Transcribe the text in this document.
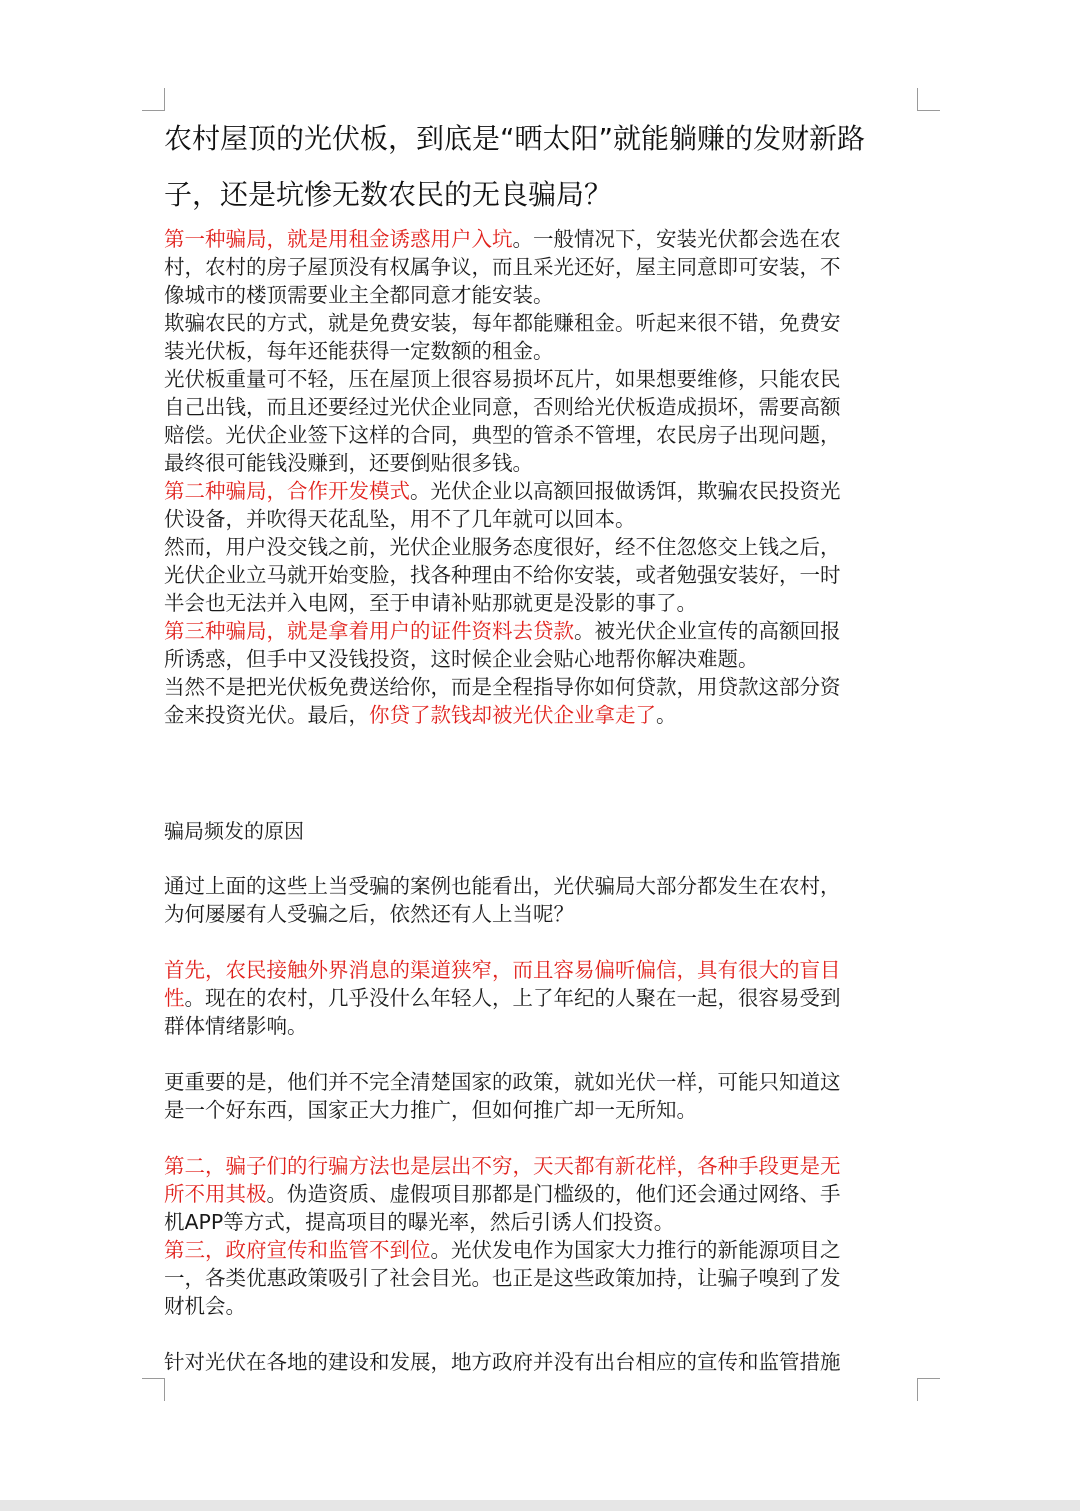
农村屋顶的光伏板，到底是“晒太阳”就能躺赚的发财新路
子，还是坑惨无数农民的无良骗局？
第一种骗局，就是用租金诱惑用户入坑。一般情况下，安装光伏都会选在农
村，农村的房子屋顶没有权属争议，而且采光还好，屋主同意即可安装，不
像城市的楼顶需要业主全都同意才能安装。
欺骗农民的方式，就是免费安装，每年都能赚租金。听起来很不错，免费安
装光伏板，每年还能获得一定数额的租金。
光伏板重量可不轻，压在屋顶上很容易损坏瓦片，如果想要维修，只能农民
自己出钱，而且还要经过光伏企业同意，否则给光伏板造成损坏，需要高额
赔偿。光伏企业签下这样的合同，典型的管杀不管埋，农民房子出现问题，
最终很可能钱没赚到，还要倒贴很多钱。
第二种骗局，合作开发模式。光伏企业以高额回报做诱饵，欺骗农民投资光
伏设备，并吹得天花乱坠，用不了几年就可以回本。
然而，用户没交钱之前，光伏企业服务态度很好，经不住忽悠交上钱之后，
光伏企业立马就开始变脸，找各种理由不给你安装，或者勉强安装好，一时
半会也无法并入电网，至于申请补贴那就更是没影的事了。
第三种骗局，就是拿着用户的证件资料去贷款。被光伏企业宣传的高额回报
所诱惑，但手中又没钱投资，这时候企业会贴心地帮你解决难题。
当然不是把光伏板免费送给你，而是全程指导你如何贷款，用贷款这部分资
金来投资光伏。最后，你贷了款钱却被光伏企业拿走了。
骗局频发的原因
通过上面的这些上当受骗的案例也能看出，光伏骗局大部分都发生在农村，
为何屡屡有人受骗之后，依然还有人上当呢？
首先，农民接触外界消息的渠道狭窄，而且容易偏听偏信，具有很大的盲目
性。现在的农村，几乎没什么年轻人，上了年纪的人聚在一起，很容易受到
群体情绪影响。
更重要的是，他们并不完全清楚国家的政策，就如光伏一样，可能只知道这
是一个好东西，国家正大力推广，但如何推广却一无所知。
第二，骗子们的行骗方法也是层出不穷，天天都有新花样，各种手段更是无
所不用其极。伪造资质、虚假项目那都是门槛级的，他们还会通过网络、手
机APP等方式，提高项目的曝光率，然后引诱人们投资。
第三，政府宣传和监管不到位。光伏发电作为国家大力推行的新能源项目之
一，各类优惠政策吸引了社会目光。也正是这些政策加持，让骗子嗅到了发
财机会。
针对光伏在各地的建设和发展，地方政府并没有出台相应的宣传和监管措施
